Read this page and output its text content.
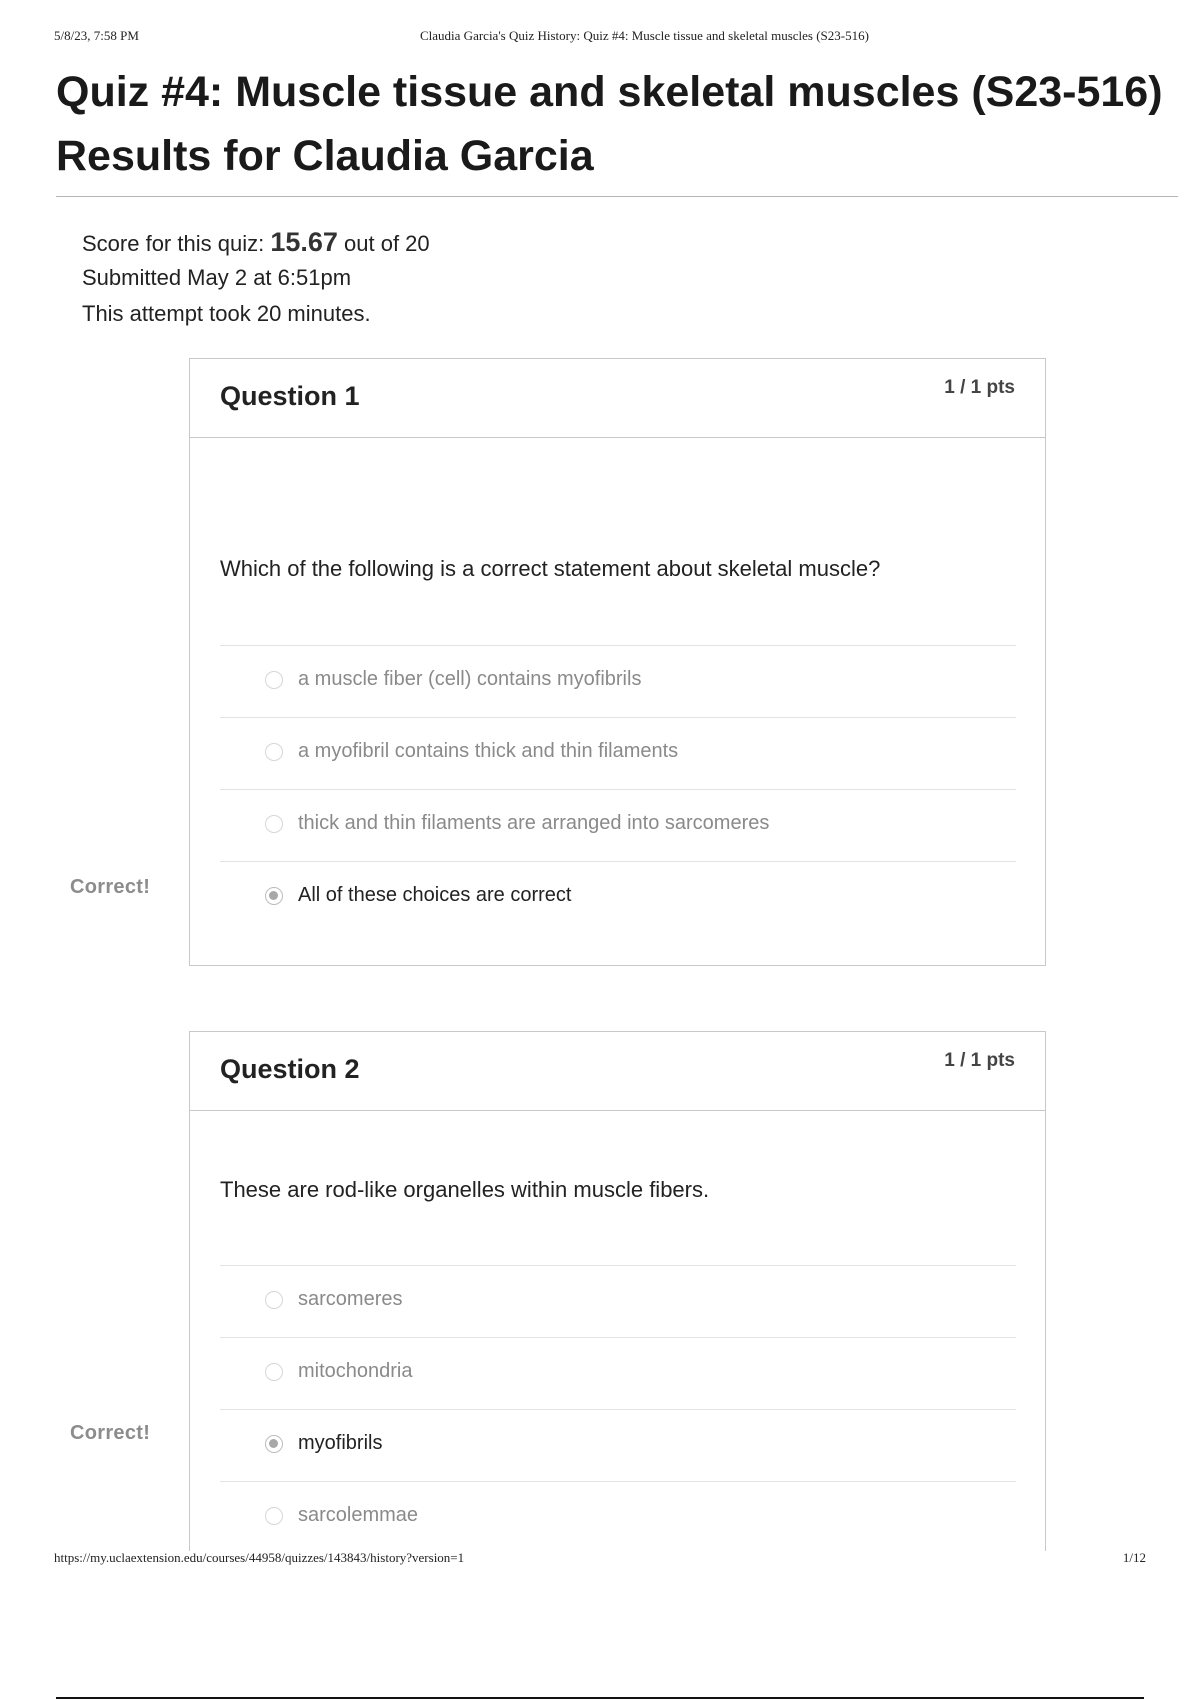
5/8/23, 7:58 PM	Claudia Garcia's Quiz History: Quiz #4: Muscle tissue and skeletal muscles (S23-516)
Quiz #4: Muscle tissue and skeletal muscles (S23-516)
Results for Claudia Garcia
Score for this quiz: 15.67 out of 20
Submitted May 2 at 6:51pm
This attempt took 20 minutes.
Correct!
Question 1	1 / 1 pts
Which of the following is a correct statement about skeletal muscle?
a muscle fiber (cell) contains myofibrils
a myofibril contains thick and thin filaments
thick and thin filaments are arranged into sarcomeres
All of these choices are correct
Correct!
Question 2	1 / 1 pts
These are rod-like organelles within muscle fibers.
sarcomeres
mitochondria
myofibrils
sarcolemmae
https://my.uclaextension.edu/courses/44958/quizzes/143843/history?version=1	1/12
